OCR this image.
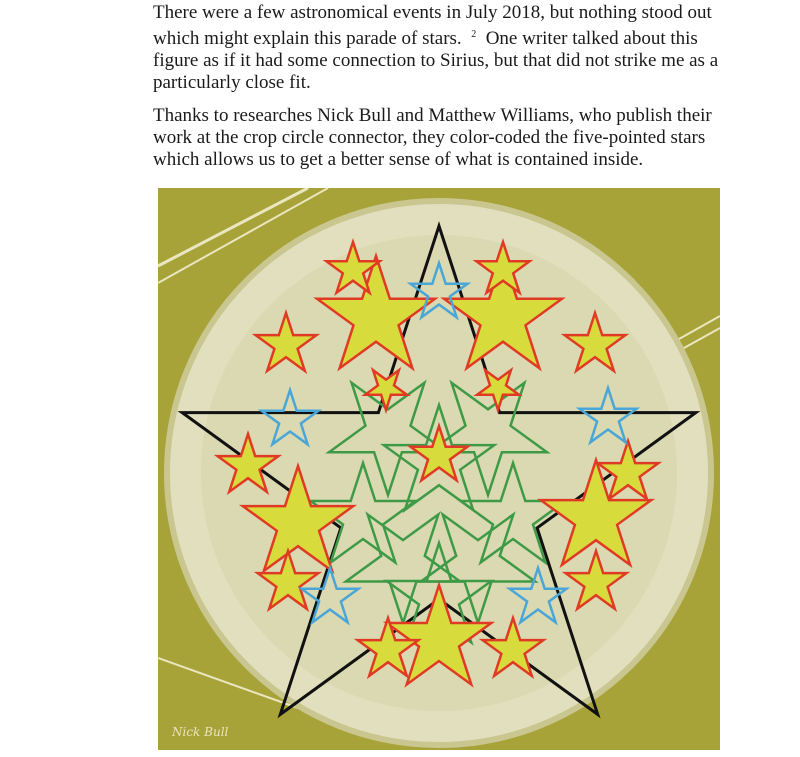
There were a few astronomical events in July 2018, but nothing stood out
which might explain this parade of stars. $^2$ One writer talked about this
figure as if it had some connection to Sirius, but that did not strike me as a
particularly close fit.
Thanks to researches Nick Bull and Matthew Williams, who publish their
work at the crop circle connector, they color-coded the five-pointed stars
which allows us to get a better sense of what is contained inside.
Nick Bull
